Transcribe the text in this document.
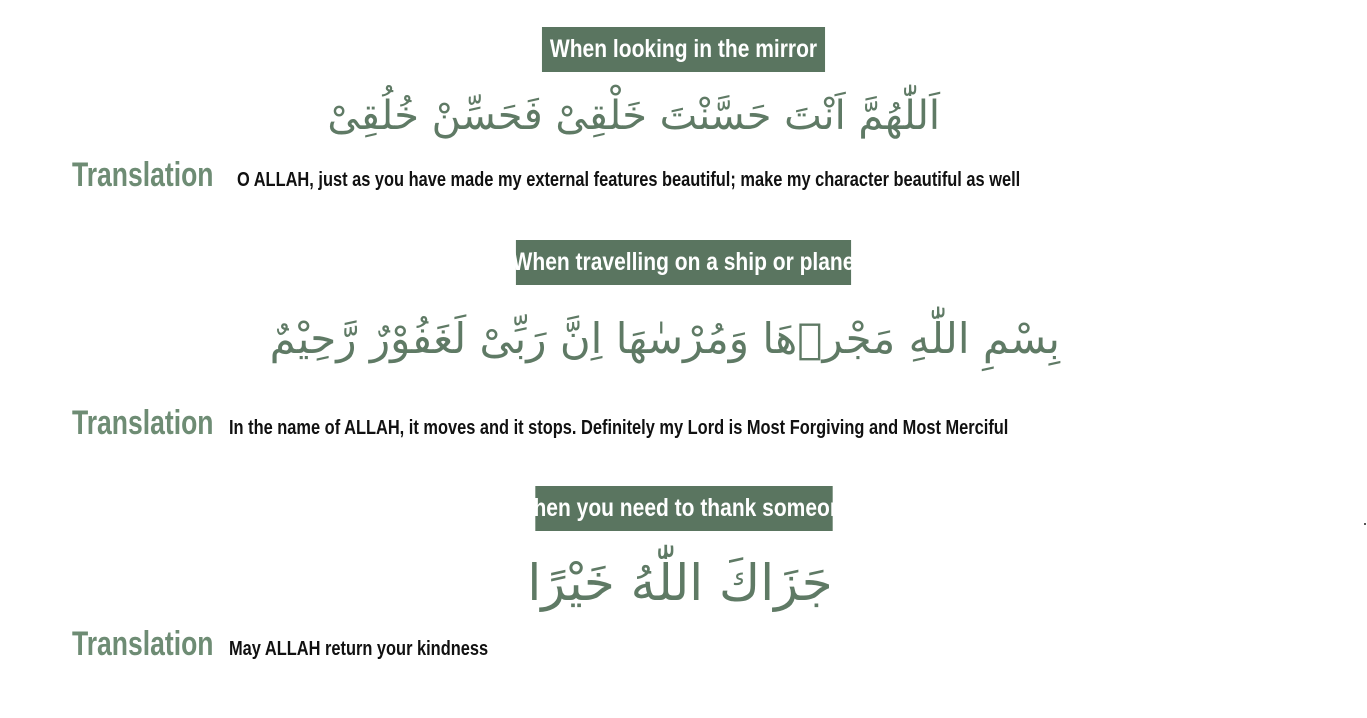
When looking in the mirror
اَللّٰهُمَّ اَنْتَ حَسَّنْتَ خَلْقِیْ فَحَسِّنْ خُلُقِیْ
Translation O ALLAH, just as you have made my external features beautiful; make my character beautiful as well
When travelling on a ship or plane
بِسْمِ اللّٰهِ مَجْرٖهَا وَمُرْسٰهَا اِنَّ رَبِّیْ لَغَفُوْرٌ رَّحِیْمٌ
Translation In the name of ALLAH, it moves and it stops. Definitely my Lord is Most Forgiving and Most Merciful
When you need to thank someone
جَزَاكَ اللّٰهُ خَيْرًا
Translation May ALLAH return your kindness
